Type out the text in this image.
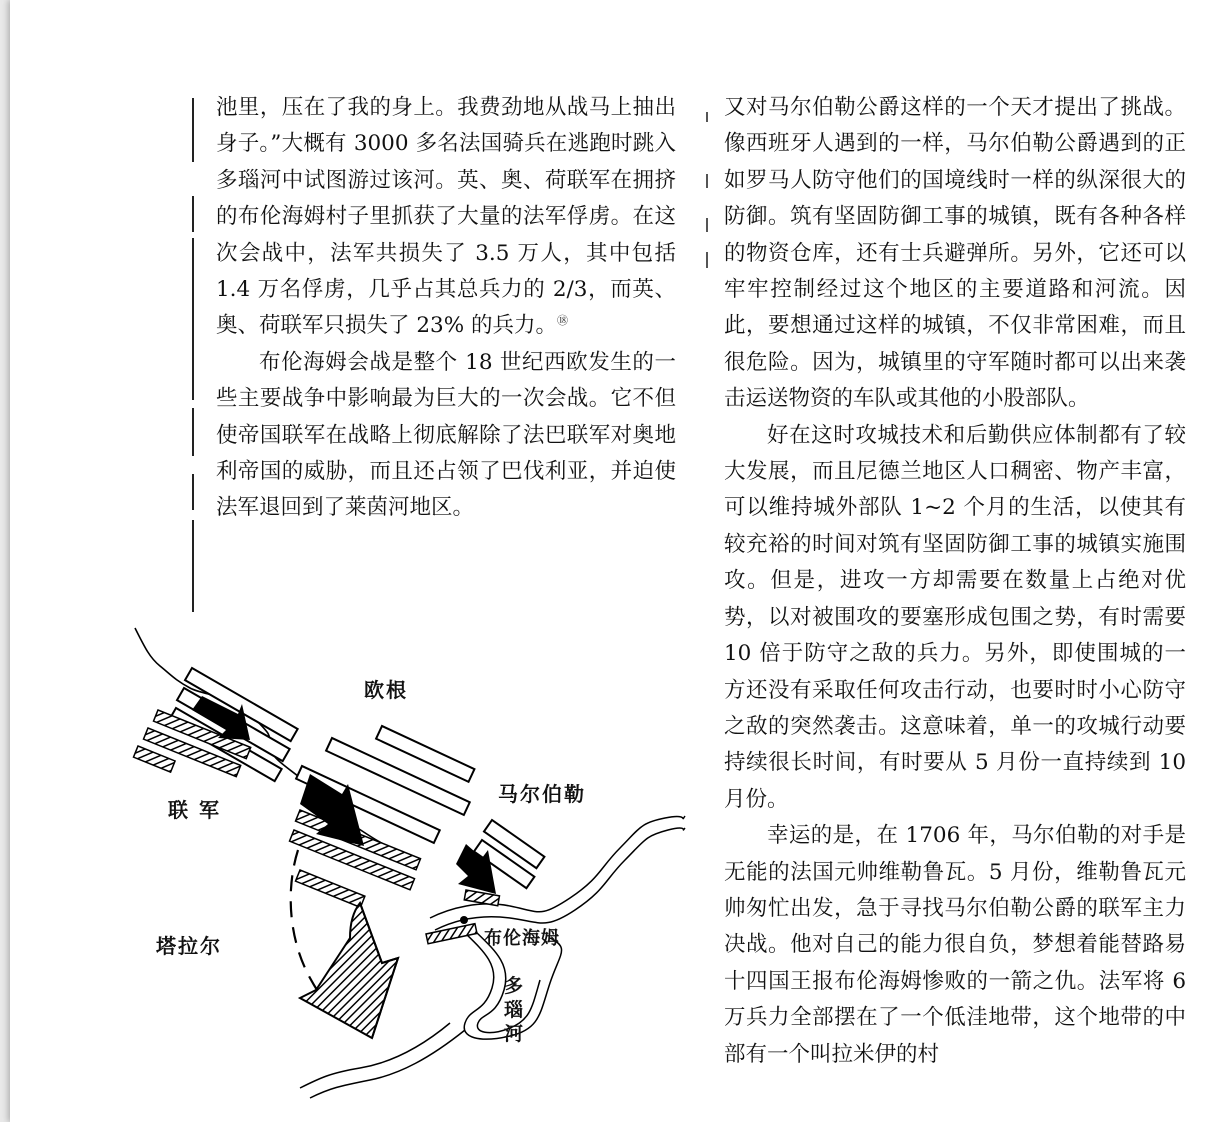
池里，压在了我的身上。我费劲地从战马上抽出身子。”大概有 3000 多名法国骑兵在逃跑时跳入多瑙河中试图游过该河。英、奥、荷联军在拥挤的布伦海姆村子里抓获了大量的法军俘虏。在这次会战中，法军共损失了 3.5 万人，其中包括 1.4 万名俘虏，几乎占其总兵力的 2/3，而英、奥、荷联军只损失了 23% 的兵力。⑱

布伦海姆会战是整个 18 世纪西欧发生的一些主要战争中影响最为巨大的一次会战。它不但使帝国联军在战略上彻底解除了法巴联军对奥地利帝国的威胁，而且还占领了巴伐利亚，并迫使法军退回到了莱茵河地区。

又对马尔伯勒公爵这样的一个天才提出了挑战。像西班牙人遇到的一样，马尔伯勒公爵遇到的正如罗马人防守他们的国境线时一样的纵深很大的防御。筑有坚固防御工事的城镇，既有各种各样的物资仓库，还有士兵避弹所。另外，它还可以牢牢控制经过这个地区的主要道路和河流。因此，要想通过这样的城镇，不仅非常困难，而且很危险。因为，城镇里的守军随时都可以出来袭击运送物资的车队或其他的小股部队。

好在这时攻城技术和后勤供应体制都有了较大发展，而且尼德兰地区人口稠密、物产丰富，可以维持城外部队 1~2 个月的生活，以使其有较充裕的时间对筑有坚固防御工事的城镇实施围攻。但是，进攻一方却需要在数量上占绝对优势，以对被围攻的要塞形成包围之势，有时需要 10 倍于防守之敌的兵力。另外，即使围城的一方还没有采取任何攻击行动，也要时时小心防守之敌的突然袭击。这意味着，单一的攻城行动要持续很长时间，有时要从 5 月份一直持续到 10 月份。

幸运的是，在 1706 年，马尔伯勒的对手是无能的法国元帅维勒鲁瓦。5 月份，维勒鲁瓦元帅匆忙出发，急于寻找马尔伯勒公爵的联军主力决战。他对自己的能力很自负，梦想着能替路易十四国王报布伦海姆惨败的一箭之仇。法军将 6 万兵力全部摆在了一个低洼地带，这个地带的中部有一个叫拉米伊的村

欧根
联 军
马尔伯勒
塔拉尔	布伦海姆
多瑙河
